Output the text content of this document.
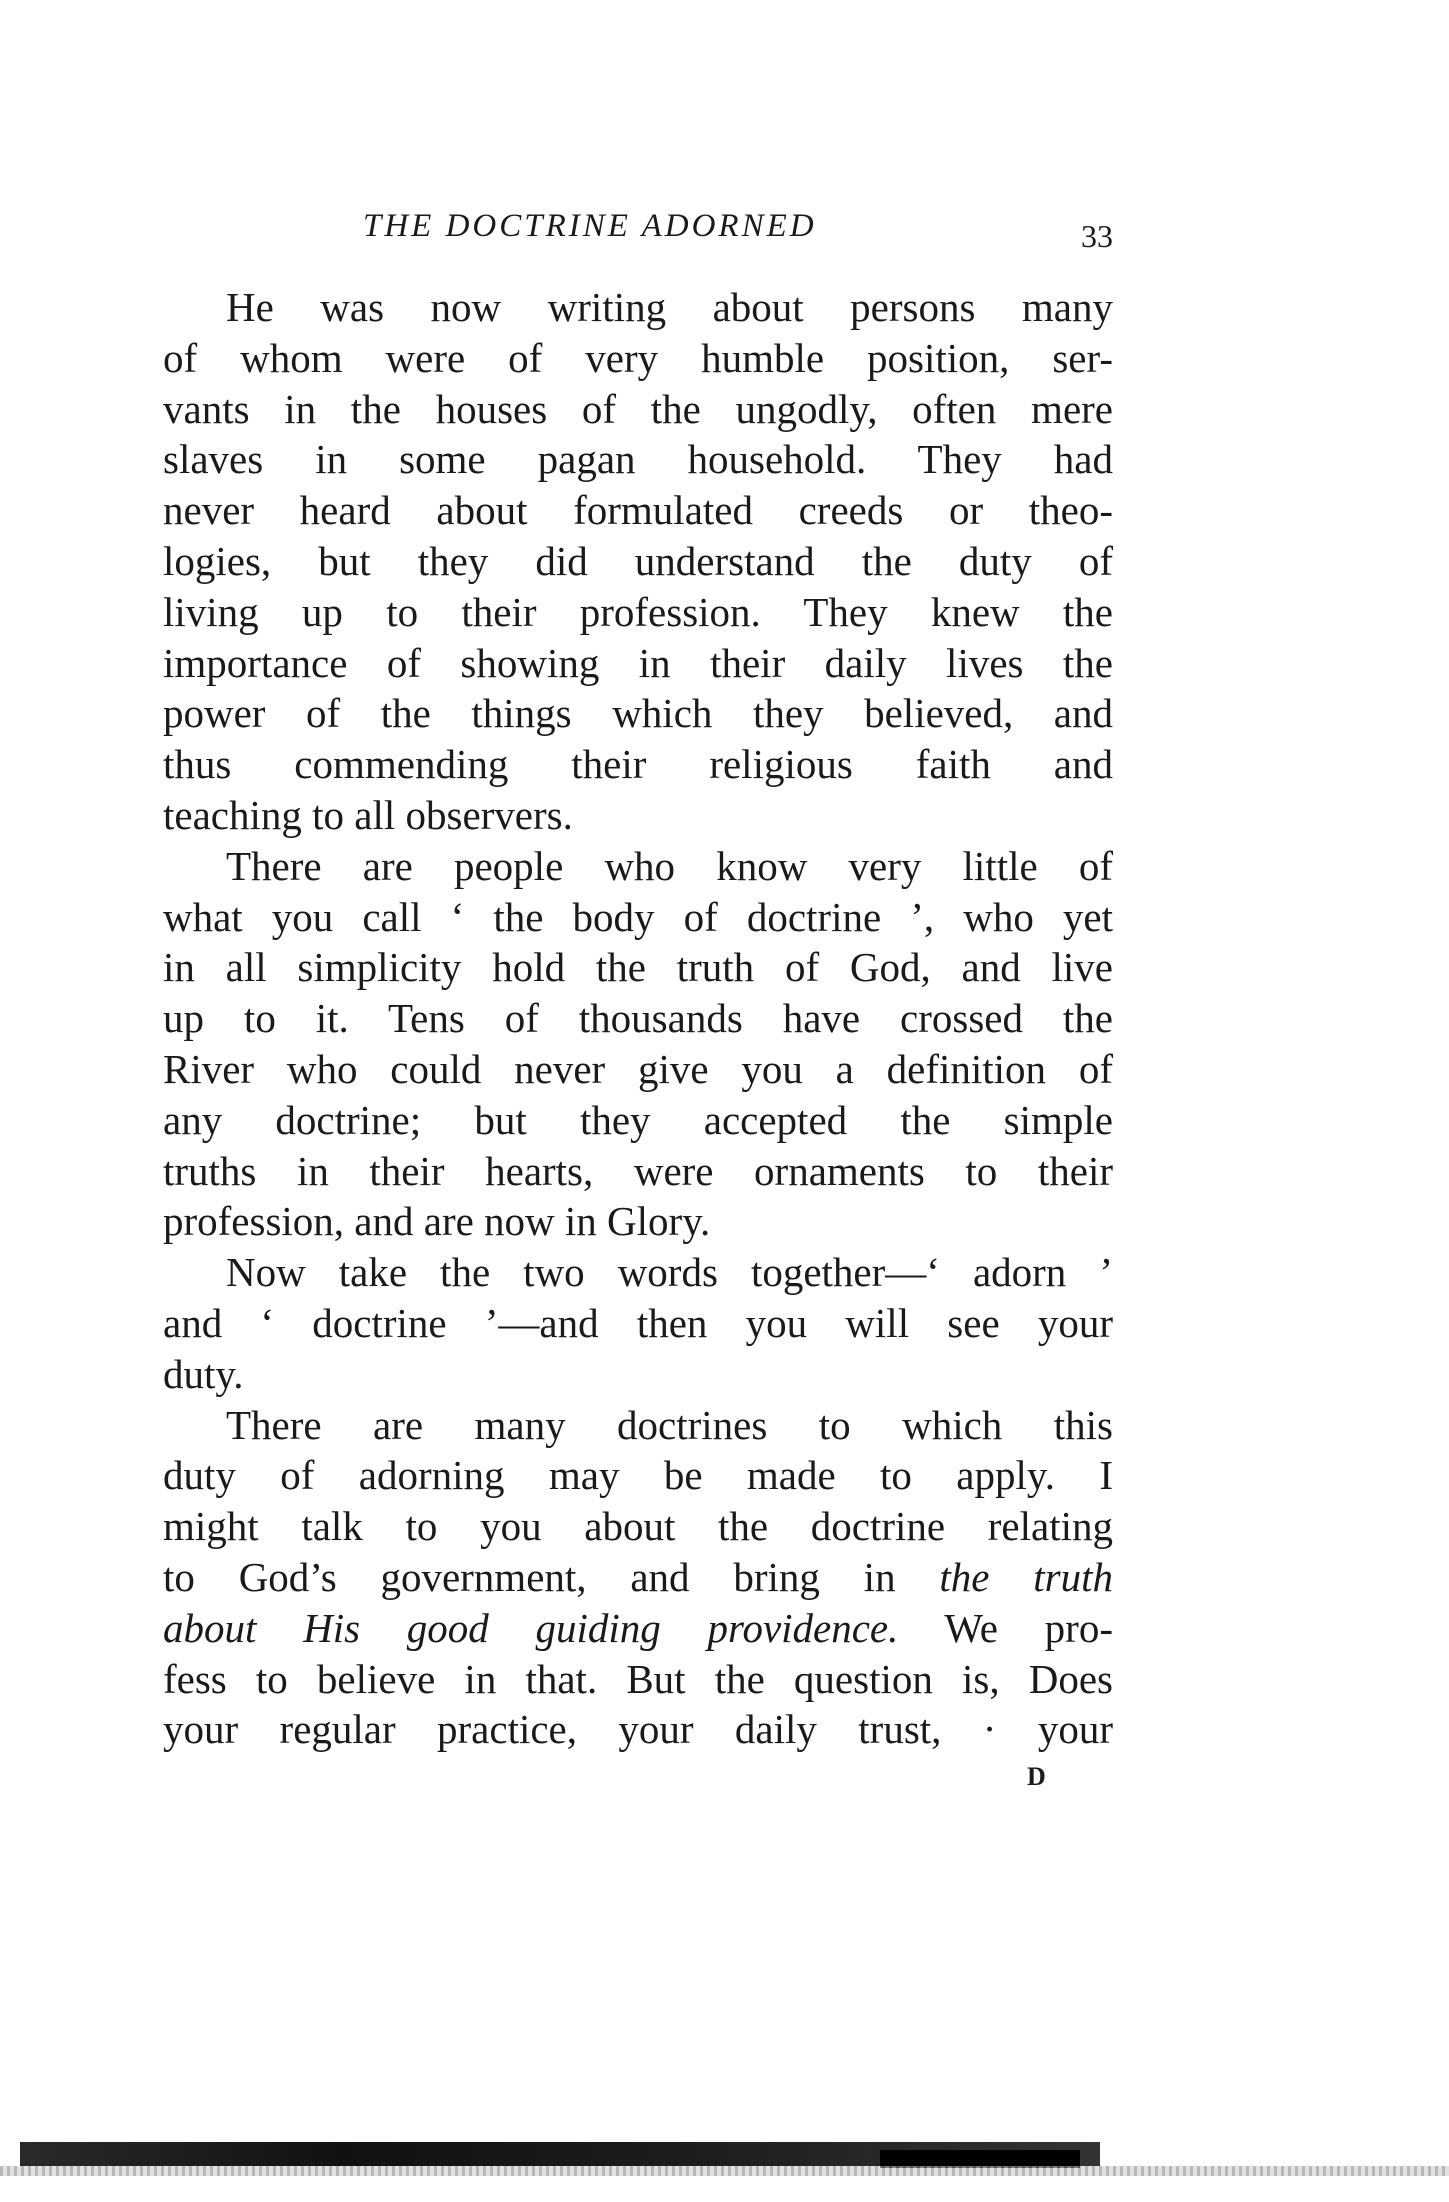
THE DOCTRINE ADORNED	33
He was now writing about persons many
of whom were of very humble position, ser-
vants in the houses of the ungodly, often mere
slaves in some pagan household. They had
never heard about formulated creeds or theo-
logies, but they did understand the duty of
living up to their profession. They knew the
importance of showing in their daily lives the
power of the things which they believed, and
thus commending their religious faith and
teaching to all observers.
There are people who know very little of
what you call ‘ the body of doctrine ’, who yet
in all simplicity hold the truth of God, and live
up to it. Tens of thousands have crossed the
River who could never give you a definition of
any doctrine; but they accepted the simple
truths in their hearts, were ornaments to their
profession, and are now in Glory.
Now take the two words together—‘ adorn ’
and ‘ doctrine ’—and then you will see your
duty.
There are many doctrines to which this
duty of adorning may be made to apply. I
might talk to you about the doctrine relating
to God’s government, and bring in the truth
about His good guiding providence. We pro-
fess to believe in that. But the question is, Does
your regular practice, your daily trust, · your
D
